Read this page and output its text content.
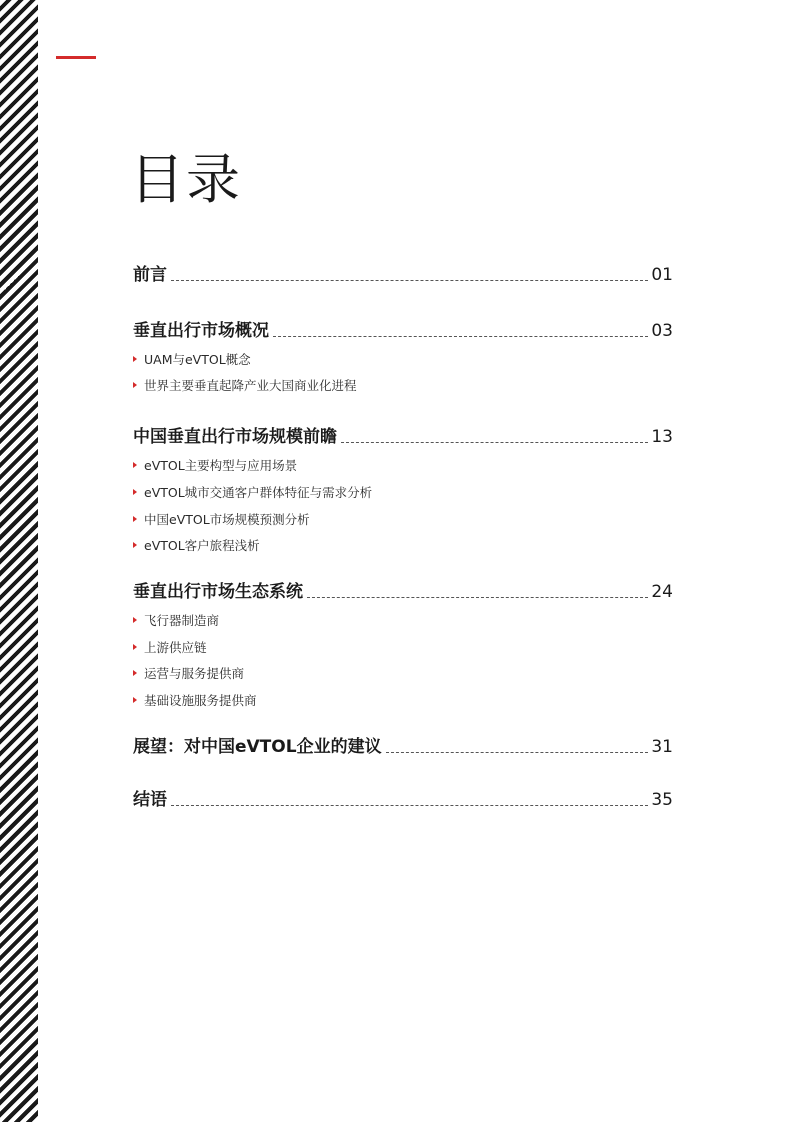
目录
前言	01
垂直出行市场概况	03
UAM与eVTOL概念
世界主要垂直起降产业大国商业化进程
中国垂直出行市场规模前瞻	13
eVTOL主要构型与应用场景
eVTOL城市交通客户群体特征与需求分析
中国eVTOL市场规模预测分析
eVTOL客户旅程浅析
垂直出行市场生态系统	24
飞行器制造商
上游供应链
运营与服务提供商
基础设施服务提供商
展望：对中国eVTOL企业的建议	31
结语	35
